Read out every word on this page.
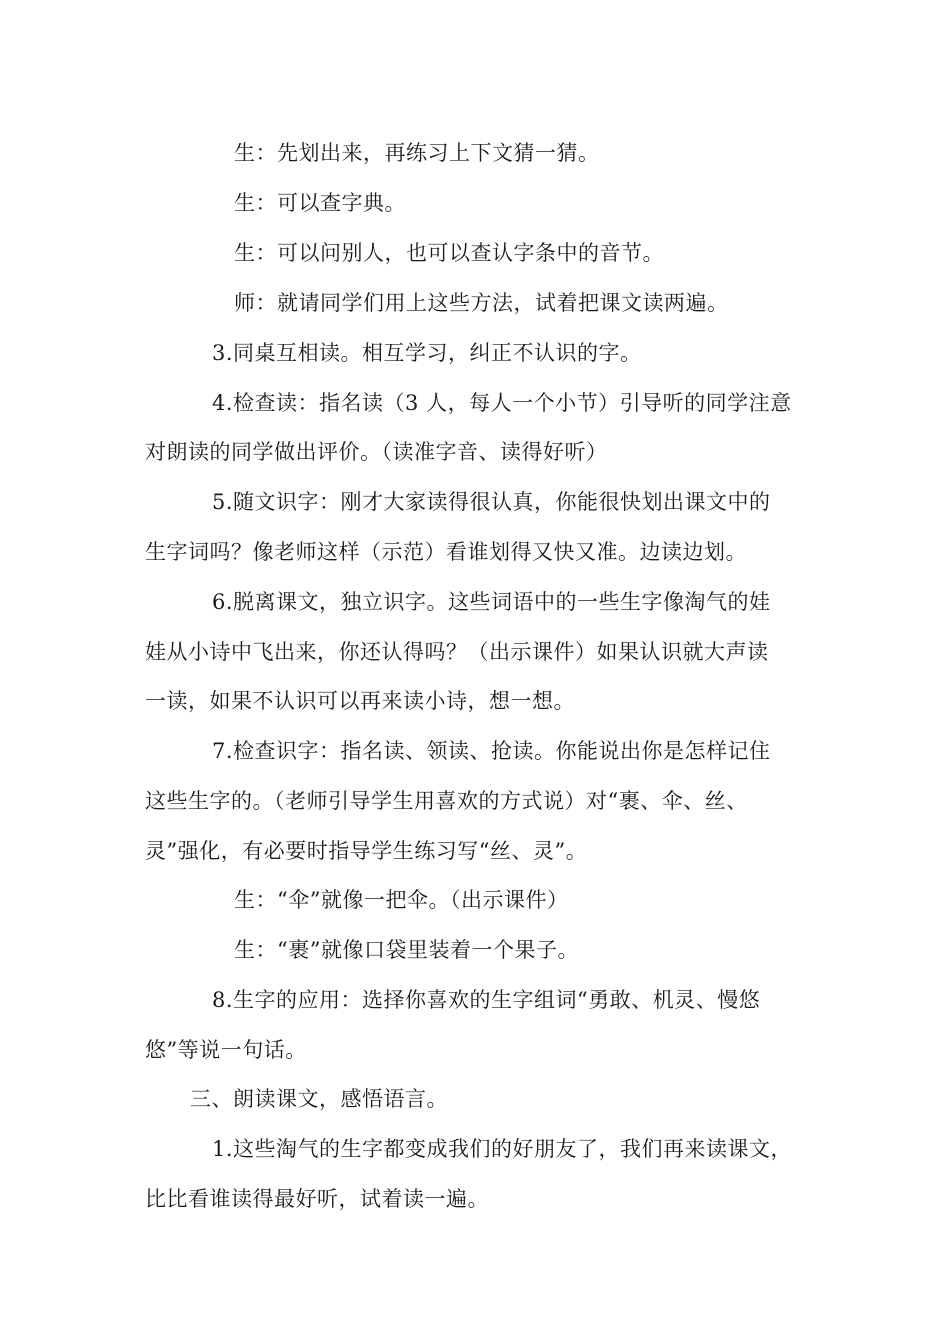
生：先划出来，再练习上下文猜一猜。
生：可以查字典。
生：可以问别人，也可以查认字条中的音节。
师：就请同学们用上这些方法，试着把课文读两遍。
3.同桌互相读。相互学习，纠正不认识的字。
4.检查读：指名读（3 人，每人一个小节）引导听的同学注意
对朗读的同学做出评价。（读准字音、读得好听）
5.随文识字：刚才大家读得很认真，你能很快划出课文中的
生字词吗？像老师这样（示范）看谁划得又快又准。边读边划。
6.脱离课文，独立识字。这些词语中的一些生字像淘气的娃
娃从小诗中飞出来，你还认得吗？（出示课件）如果认识就大声读
一读，如果不认识可以再来读小诗，想一想。
7.检查识字：指名读、领读、抢读。你能说出你是怎样记住
这些生字的。（老师引导学生用喜欢的方式说）对“裹、伞、丝、
灵”强化，有必要时指导学生练习写“丝、灵”。
生：“伞”就像一把伞。（出示课件）
生：“裹”就像口袋里装着一个果子。
8.生字的应用：选择你喜欢的生字组词“勇敢、机灵、慢悠
悠”等说一句话。
三、朗读课文，感悟语言。
1.这些淘气的生字都变成我们的好朋友了，我们再来读课文，
比比看谁读得最好听，试着读一遍。
